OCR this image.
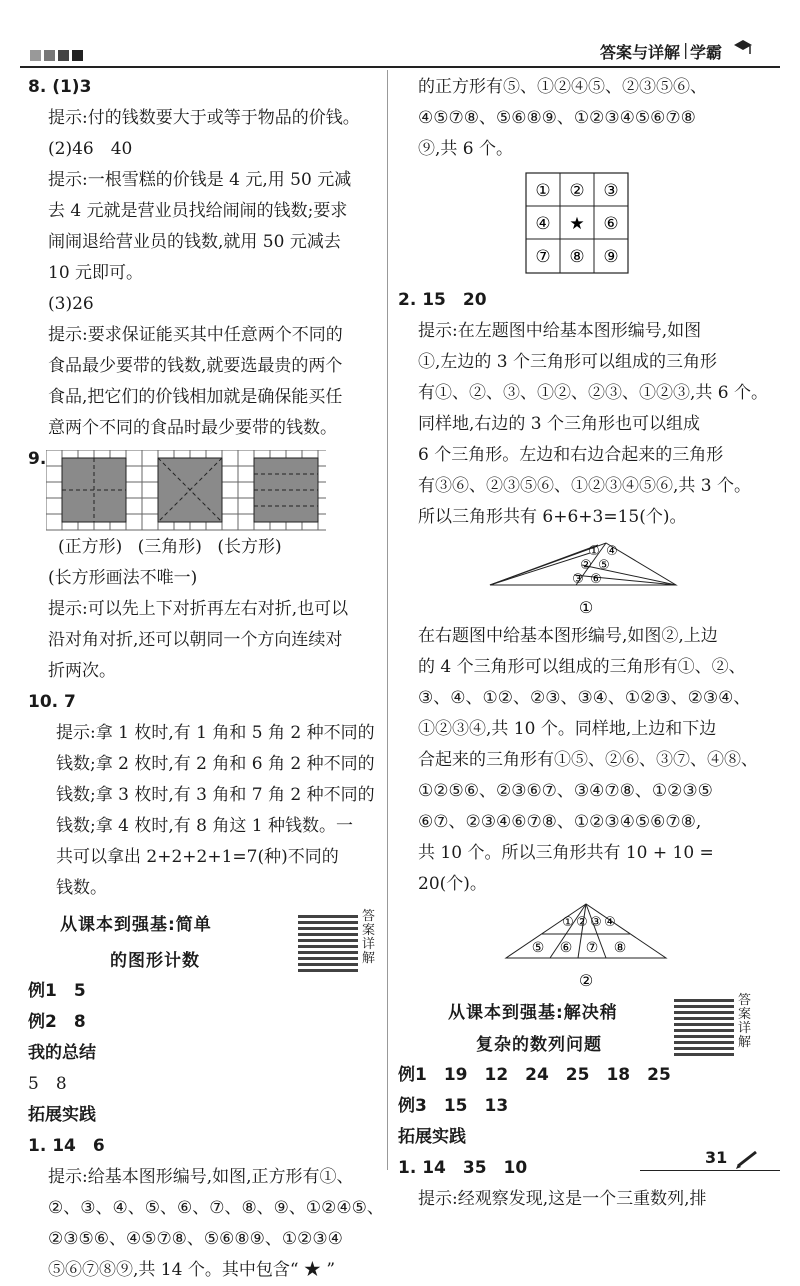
答案与详解 | 学霸
8. (1)3
提示:付的钱数要大于或等于物品的价钱。
(2)46　40
提示:一根雪糕的价钱是 4 元,用 50 元减
去 4 元就是营业员找给闹闹的钱数;要求
闹闹退给营业员的钱数,就用 50 元减去
10 元即可。
(3)26
提示:要求保证能买其中任意两个不同的
食品最少要带的钱数,就要选最贵的两个
食品,把它们的价钱相加就是确保能买任
意两个不同的食品时最少要带的钱数。
9.
(正方形) (三角形) (长方形)
(长方形画法不唯一)
提示:可以先上下对折再左右对折,也可以
沿对角对折,还可以朝同一个方向连续对
折两次。
10. 7
提示:拿 1 枚时,有 1 角和 5 角 2 种不同的
钱数;拿 2 枚时,有 2 角和 6 角 2 种不同的
钱数;拿 3 枚时,有 3 角和 7 角 2 种不同的
钱数;拿 4 枚时,有 8 角这 1 种钱数。一
共可以拿出 2+2+2+1=7(种)不同的
钱数。
从课本到强基:简单
的图形计数
答案详解
例1　5
例2　8
我的总结
5　8
拓展实践
1. 14　6
提示:给基本图形编号,如图,正方形有①、
②、③、④、⑤、⑥、⑦、⑧、⑨、①②④⑤、
②③⑤⑥、④⑤⑦⑧、⑤⑥⑧⑨、①②③④
⑤⑥⑦⑧⑨,共 14 个。其中包含“ ★ ”
的正方形有⑤、①②④⑤、②③⑤⑥、
④⑤⑦⑧、⑤⑥⑧⑨、①②③④⑤⑥⑦⑧
⑨,共 6 个。
① ② ③
④ ★ ⑥
⑦ ⑧ ⑨
2. 15　20
提示:在左题图中给基本图形编号,如图
①,左边的 3 个三角形可以组成的三角形
有①、②、③、①②、②③、①②③,共 6 个。
同样地,右边的 3 个三角形也可以组成
6 个三角形。左边和右边合起来的三角形
有③⑥、②③⑤⑥、①②③④⑤⑥,共 3 个。
所以三角形共有 6+6+3=15(个)。
① ④
② ⑤
③ ⑥
①
在右题图中给基本图形编号,如图②,上边
的 4 个三角形可以组成的三角形有①、②、
③、④、①②、②③、③④、①②③、②③④、
①②③④,共 10 个。同样地,上边和下边
合起来的三角形有①⑤、②⑥、③⑦、④⑧、
①②⑤⑥、②③⑥⑦、③④⑦⑧、①②③⑤
⑥⑦、②③④⑥⑦⑧、①②③④⑤⑥⑦⑧,
共 10 个。所以三角形共有 10 + 10 =
20(个)。
① ② ③ ④
⑤ ⑥ ⑦ ⑧
②
从课本到强基:解决稍
复杂的数列问题
答案详解
例1　19　12　24　25　18　25
例3　15　13
拓展实践
1. 14　35　10
提示:经观察发现,这是一个三重数列,排
31
